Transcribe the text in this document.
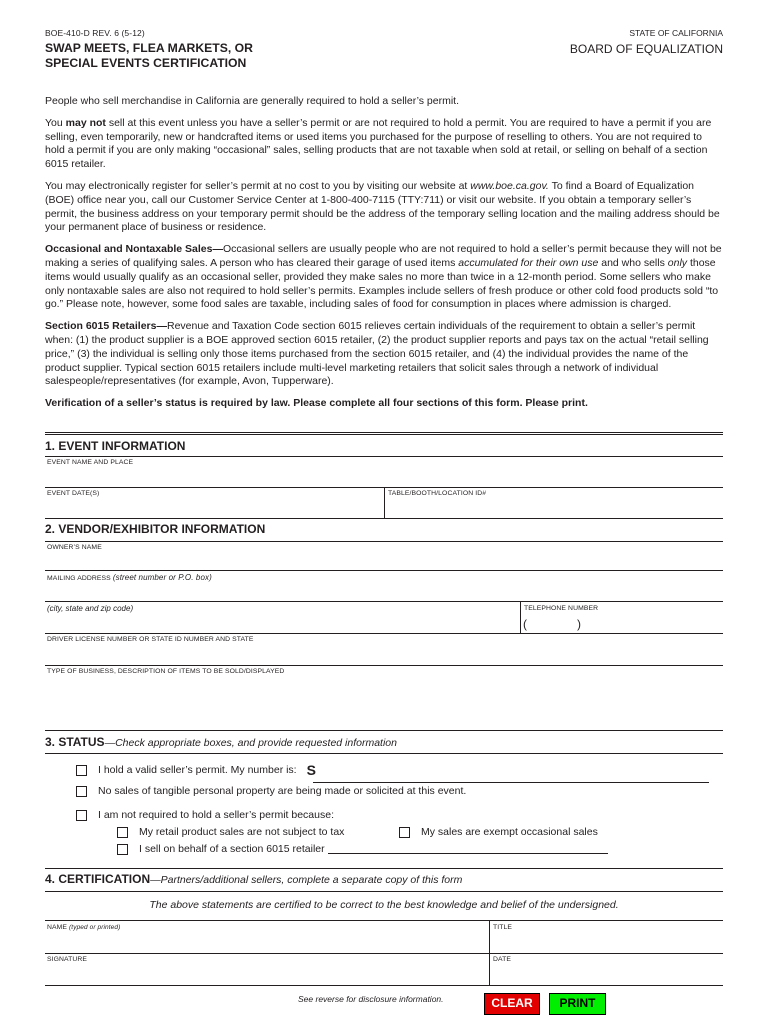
BOE-410-D REV. 6 (5-12)
SWAP MEETS, FLEA MARKETS, OR
SPECIAL EVENTS CERTIFICATION
STATE OF CALIFORNIA
BOARD OF EQUALIZATION
People who sell merchandise in California are generally required to hold a seller’s permit.
You may not sell at this event unless you have a seller’s permit or are not required to hold a permit. You are required to have a permit if you are selling, even temporarily, new or handcrafted items or used items you purchased for the purpose of reselling to others. You are not required to hold a permit if you are only making “occasional” sales, selling products that are not taxable when sold at retail, or selling on behalf of a section 6015 retailer.
You may electronically register for seller’s permit at no cost to you by visiting our website at www.boe.ca.gov. To find a Board of Equalization (BOE) office near you, call our Customer Service Center at 1-800-400-7115 (TTY:711) or visit our website. If you obtain a temporary seller’s permit, the business address on your temporary permit should be the address of the temporary selling location and the mailing address should be your permanent place of business or residence.
Occasional and Nontaxable Sales—Occasional sellers are usually people who are not required to hold a seller’s permit because they will not be making a series of qualifying sales. A person who has cleared their garage of used items accumulated for their own use and who sells only those items would usually qualify as an occasional seller, provided they make sales no more than twice in a 12-month period. Some sellers who make only nontaxable sales are also not required to hold seller’s permits. Examples include sellers of fresh produce or other cold food products sold “to go.” Please note, however, some food sales are taxable, including sales of food for consumption in places where admission is charged.
Section 6015 Retailers—Revenue and Taxation Code section 6015 relieves certain individuals of the requirement to obtain a seller’s permit when: (1) the product supplier is a BOE approved section 6015 retailer, (2) the product supplier reports and pays tax on the actual “retail selling price,” (3) the individual is selling only those items purchased from the section 6015 retailer, and (4) the individual provides the name of the product supplier. Typical section 6015 retailers include multi-level marketing retailers that solicit sales through a network of individual salespeople/representatives (for example, Avon, Tupperware).
Verification of a seller’s status is required by law. Please complete all four sections of this form. Please print.
1. EVENT INFORMATION
EVENT NAME AND PLACE
EVENT DATE(S)	TABLE/BOOTH/LOCATION ID#
2. VENDOR/EXHIBITOR INFORMATION
OWNER’S NAME
MAILING ADDRESS (street number or P.O. box)
(city, state and zip code)	TELEPHONE NUMBER
(	)
DRIVER LICENSE NUMBER OR STATE ID NUMBER AND STATE
TYPE OF BUSINESS, DESCRIPTION OF ITEMS TO BE SOLD/DISPLAYED
3. STATUS—Check appropriate boxes, and provide requested information
I hold a valid seller’s permit. My number is: S
No sales of tangible personal property are being made or solicited at this event.
I am not required to hold a seller’s permit because:
My retail product sales are not subject to tax	My sales are exempt occasional sales
I sell on behalf of a section 6015 retailer
4. CERTIFICATION—Partners/additional sellers, complete a separate copy of this form
The above statements are certified to be correct to the best knowledge and belief of the undersigned.
NAME (typed or printed)	TITLE
SIGNATURE	DATE
See reverse for disclosure information.	CLEAR	PRINT
